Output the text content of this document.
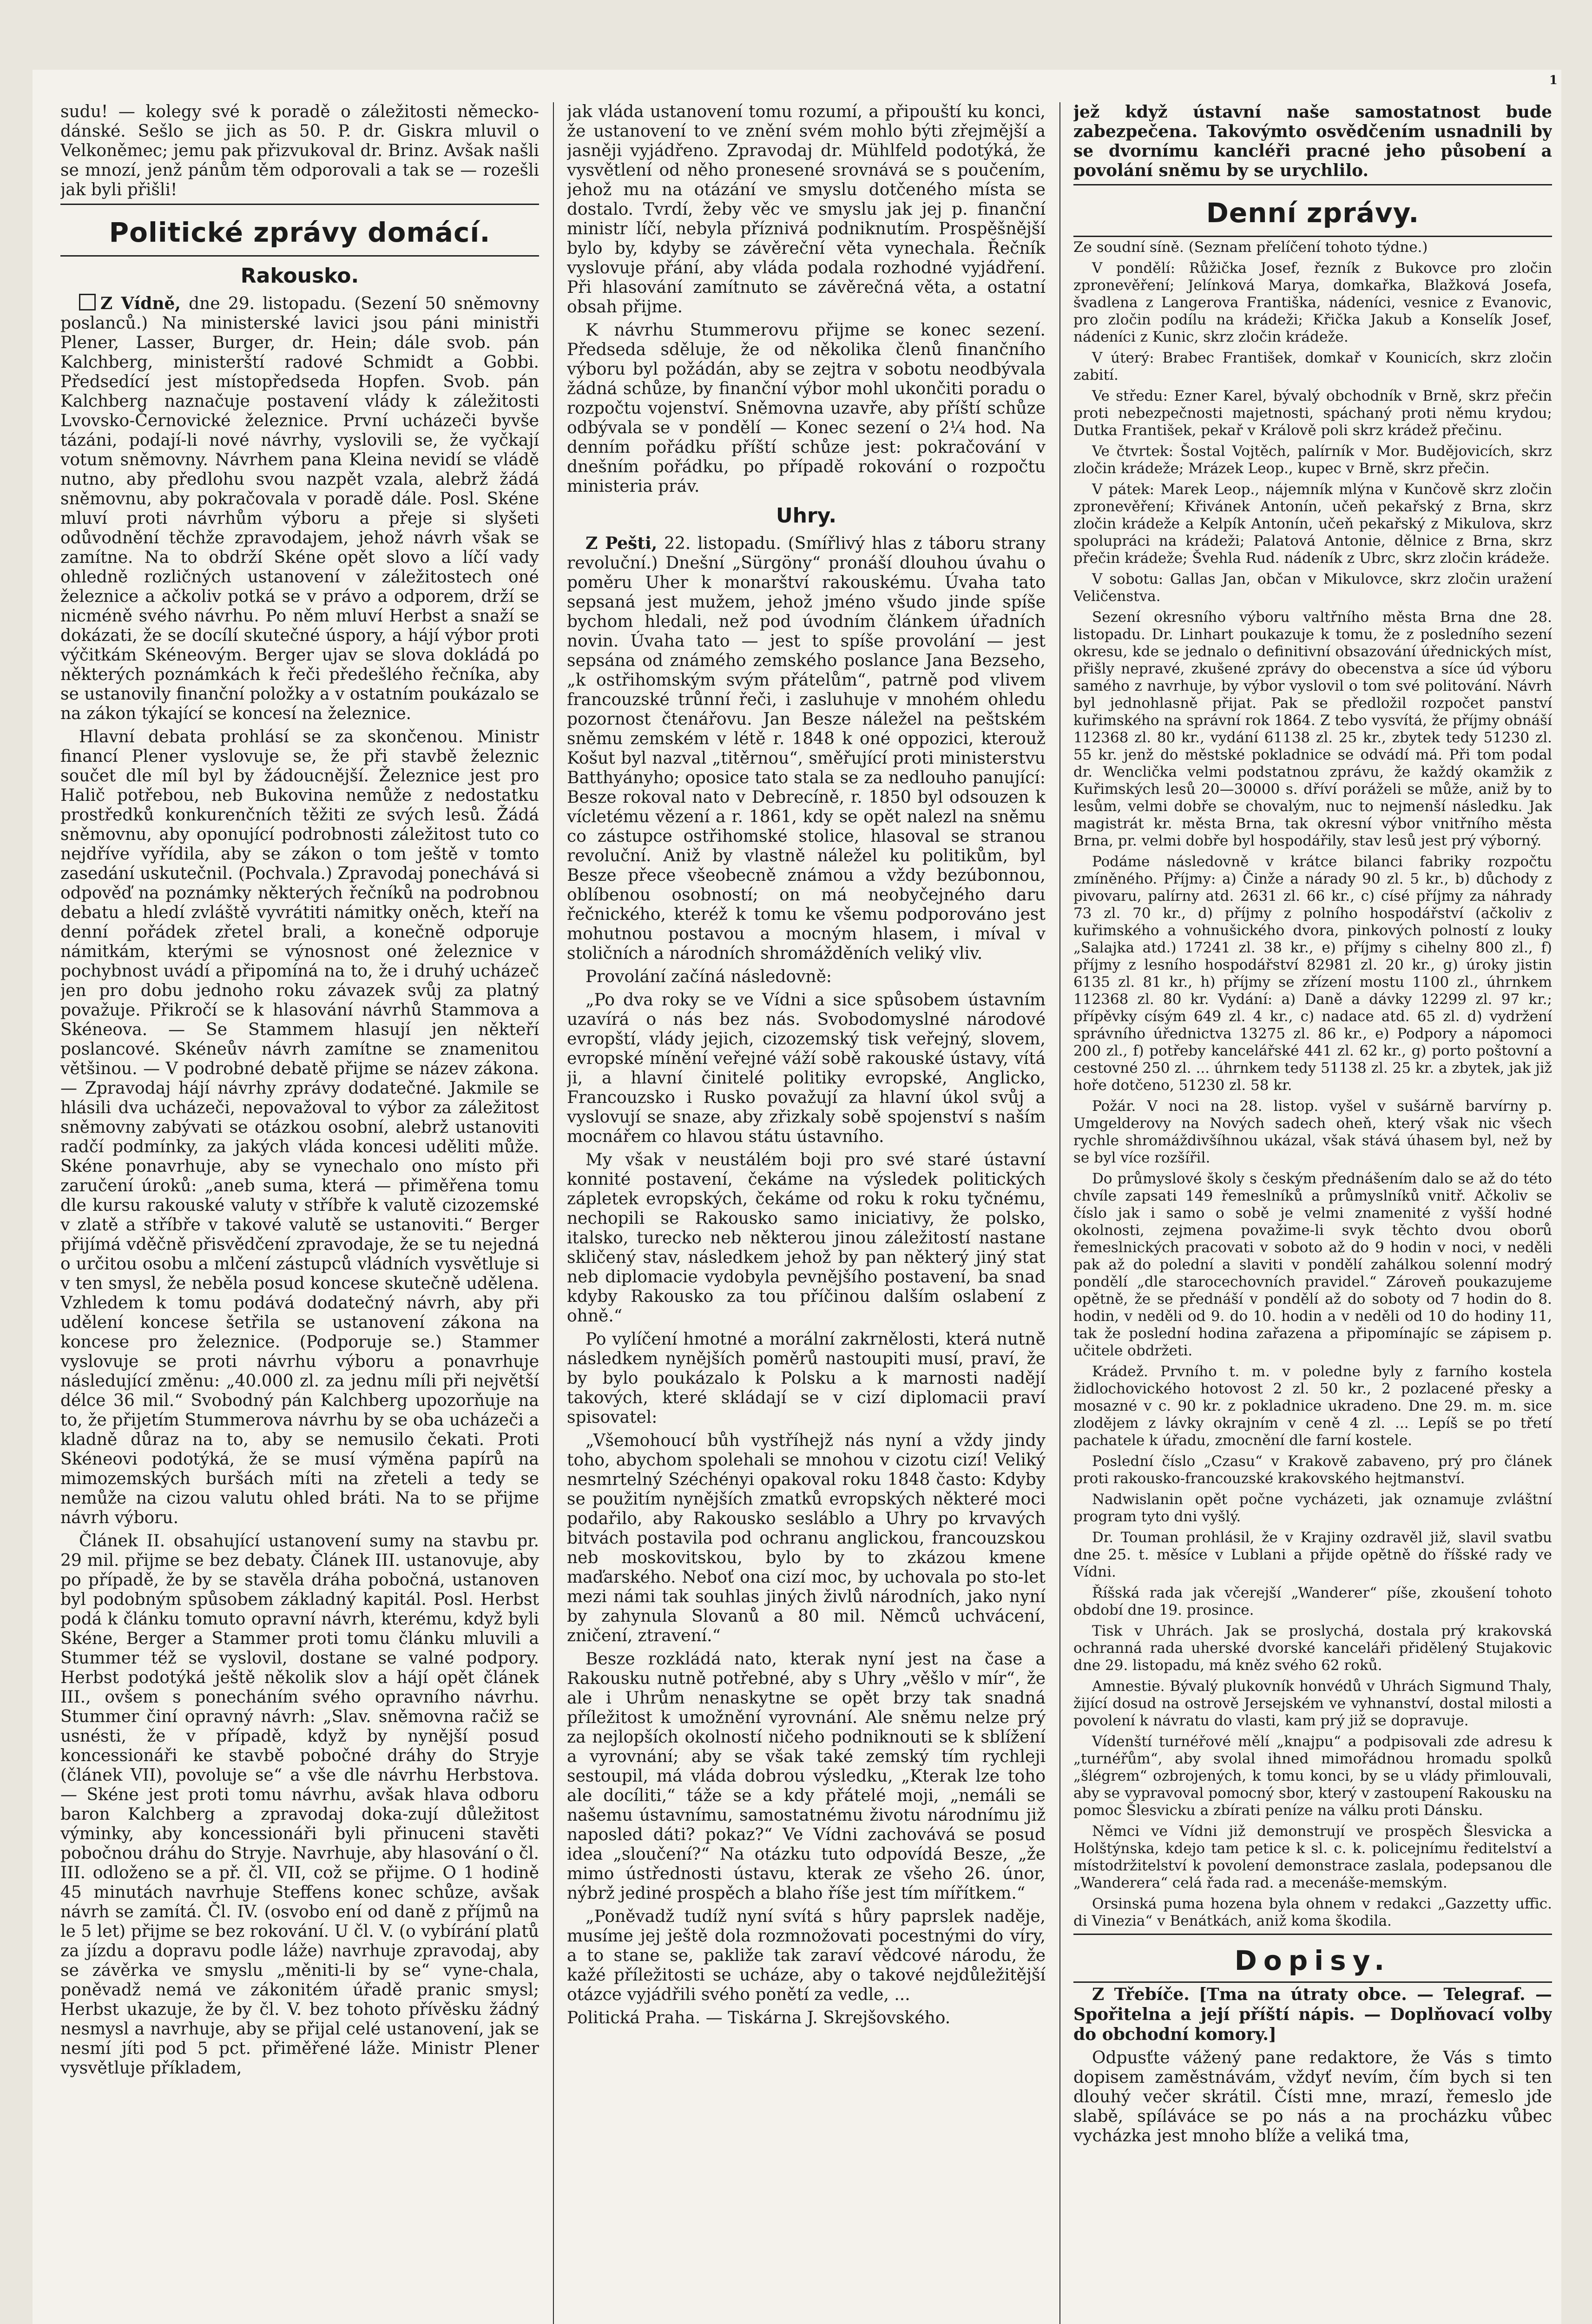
1

sudu! — kolegy své k poradě o záležitosti německo-dánské. Sešlo se jich as 50. P. dr. Giskra mluvil o Velkoněmec; jemu pak přizvukoval dr. Brinz. Avšak našli se mnozí, jenž pánům těm odporovali a tak se — rozešli jak byli přišli!

Politické zprávy domácí.
Rakousko.

Z Vídně, dne 29. listopadu. (Sezení 50 sněmovny poslanců.) Na ministerské lavici jsou páni ministři Plener, Lasser, Burger, dr. Hein; dále svob. pán Kalchberg, ministerští radové Schmidt a Gobbi. Předsedící jest místopředseda Hopfen. Svob. pán Kalchberg naznačuje postavení vlády k záležitosti Lvovsko-Černovické železnice. První ucházeči byvše tázáni, podají-li nové návrhy, vyslovili se, že vyčkají votum sněmovny. Návrhem pana Kleina nevidí se vládě nutno, aby předlohu svou nazpět vzala, alebrž žádá sněmovnu, aby pokračovala v poradě dále. Posl. Skéne mluví proti návrhům výboru a přeje si slyšeti odůvodnění těchže zpravodajem, jehož návrh však se zamítne. Na to obdrží Skéne opět slovo a líčí vady ohledně rozličných ustanovení v záležitostech oné železnice a ačkoliv potká se v právo a odporem, drží se nicméně svého návrhu. Po něm mluví Herbst a snaží se dokázati, že se docílí skutečné úspory, a hájí výbor proti výčitkám Skéneovým. Berger ujav se slova dokládá po některých poznámkách k řeči předešlého řečníka, aby se ustanovily finanční položky a v ostatním poukázalo se na zákon týkající se koncesí na železnice.

Hlavní debata prohlásí se za skončenou. Ministr financí Plener vyslovuje se, že při stavbě železnic součet dle míl byl by žádoucnější. Železnice jest pro Halič potřebou, neb Bukovina nemůže z nedostatku prostředků konkurenčních těžiti ze svých lesů. Žádá sněmovnu, aby oponující podrobnosti záležitost tuto co nejdříve vyřídila, aby se zákon o tom ještě v tomto zasedání uskutečnil. (Pochvala.) Zpravodaj ponechává si odpověď na poznámky některých řečníků na podrobnou debatu a hledí zvláště vyvrátiti námitky oněch, kteří na denní pořádek zřetel brali, a konečně odporuje námitkám, kterými se výnosnost oné železnice v pochybnost uvádí a připomíná na to, že i druhý ucházeč jen pro dobu jednoho roku závazek svůj za platný považuje. Přikročí se k hlasování návrhů Stammova a Skéneova. — Se Stammem hlasují jen někteří poslancové. Skéneův návrh zamítne se znamenitou většinou. — V podrobné debatě přijme se název zákona. — Zpravodaj hájí návrhy zprávy dodatečné. Jakmile se hlásili dva ucházeči, nepovažoval to výbor za záležitost sněmovny zabývati se otázkou osobní, alebrž ustanoviti radčí podmínky, za jakých vláda koncesi uděliti může. Skéne ponavrhuje, aby se vynechalo ono místo při zaručení úroků: „aneb suma, která — přiměřena tomu dle kursu rakouské valuty v stříbře k valutě cizozemské v zlatě a stříbře v takové valutě se ustanoviti.“ Berger přijímá vděčně přisvědčení zpravodaje, že se tu nejedná o určitou osobu a mlčení zástupců vládních vysvětluje si v ten smysl, že neběla posud koncese skutečně udělena. Vzhledem k tomu podává dodatečný návrh, aby při udělení koncese šetřila se ustanovení zákona na koncese pro železnice. (Podporuje se.) Stammer vyslovuje se proti návrhu výboru a ponavrhuje následující změnu: „40.000 zl. za jednu míli při největší délce 36 mil.“ Svobodný pán Kalchberg upozorňuje na to, že přijetím Stummerova návrhu by se oba ucházeči a kladně důraz na to, aby se nemusilo čekati. Proti Skéneovi podotýká, že se musí výměna papírů na mimozemských buršách míti na zřeteli a tedy se nemůže na cizou valutu ohled bráti. Na to se přijme návrh výboru.

Článek II. obsahující ustanovení sumy na stavbu pr. 29 mil. přijme se bez debaty. Článek III. ustanovuje, aby po případě, že by se stavěla dráha pobočná, ustanoven byl podobným spůsobem základný kapitál. Posl. Herbst podá k článku tomuto opravní návrh, kterému, když byli Skéne, Berger a Stammer proti tomu článku mluvili a Stummer též se vyslovil, dostane se valné podpory. Herbst podotýká ještě několik slov a hájí opět článek III., ovšem s ponecháním svého opravního návrhu. Stummer činí opravný návrh: „Slav. sněmovna račiž se usnésti, že v případě, když by nynější posud koncessionáři ke stavbě pobočné dráhy do Stryje (článek VII), povoluje se“ a vše dle návrhu Herbstova. — Skéne jest proti tomu návrhu, avšak hlava odboru baron Kalchberg a zpravodaj doka-zují důležitost výminky, aby koncessionáři byli přinuceni stavěti pobočnou dráhu do Stryje. Navrhuje, aby hlasování o čl. III. odloženo se a př. čl. VII, což se přijme. O 1 hodině 45 minutách navrhuje Steffens konec schůze, avšak návrh se zamítá. Čl. IV. (osvobo ení od daně z příjmů na le 5 let) přijme se bez rokování. U čl. V. (o vybírání platů za jízdu a dopravu podle láže) navrhuje zpravodaj, aby se závěrka ve smyslu „měniti-li by se“ vyne-chala, poněvadž nemá ve zákonitém úřadě pranic smysl; Herbst ukazuje, že by čl. V. bez tohoto přívěsku žádný nesmysl a navrhuje, aby se přijal celé ustanovení, jak se nesmí jíti pod 5 pct. přiměřené láže. Ministr Plener vysvětluje příkladem,

jak vláda ustanovení tomu rozumí, a připouští ku konci, že ustanovení to ve znění svém mohlo býti zřejmější a jasněji vyjádřeno. Zpravodaj dr. Mühlfeld podotýká, že vysvětlení od něho pronesené srovnává se s poučením, jehož mu na otázání ve smyslu dotčeného místa se dostalo. Tvrdí, žeby věc ve smyslu jak jej p. finanční ministr líčí, nebyla příznivá podniknutím. Prospěšnější bylo by, kdyby se závěreční věta vynechala. Řečník vyslovuje přání, aby vláda podala rozhodné vyjádření. Při hlasování zamítnuto se závěrečná věta, a ostatní obsah přijme.

K návrhu Stummerovu přijme se konec sezení. Předseda sděluje, že od několika členů finančního výboru byl požádán, aby se zejtra v sobotu neodbývala žádná schůze, by finanční výbor mohl ukončiti poradu o rozpočtu vojenství. Sněmovna uzavře, aby příští schůze odbývala se v pondělí — Konec sezení o 2¼ hod. Na denním pořádku příští schůze jest: pokračování v dnešním pořádku, po případě rokování o rozpočtu ministeria práv.

Uhry.

Z Pešti, 22. listopadu. (Smířlivý hlas z táboru strany revoluční.) Dnešní „Sürgöny“ pronáší dlouhou úvahu o poměru Uher k monarštví rakouskému. Úvaha tato sepsaná jest mužem, jehož jméno všudo jinde spíše bychom hledali, než pod úvodním článkem úřadních novin. Úvaha tato — jest to spíše provolání — jest sepsána od známého zemského poslance Jana Bezseho, „k ostřihomským svým přátelům“, patrně pod vlivem francouzské trůnní řeči, i zasluhuje v mnohém ohledu pozornost čtenářovu. Jan Besze náležel na peštském sněmu zemském v létě r. 1848 k oné oppozici, kterouž Košut byl nazval „titěrnou“, směřující proti ministerstvu Batthyányho; oposice tato stala se za nedlouho panující: Besze rokoval nato v Debrecíně, r. 1850 byl odsouzen k vícletému vězení a r. 1861, kdy se opět nalezl na sněmu co zástupce ostřihomské stolice, hlasoval se stranou revoluční. Aniž by vlastně náležel ku politikům, byl Besze přece všeobecně známou a vždy bezúbonnou, oblíbenou osobností; on má neobyčejného daru řečnického, kteréž k tomu ke všemu podporováno jest mohutnou postavou a mocným hlasem, i míval v stoličních a národních shromážděních veliký vliv.

Provolání začíná následovně:

„Po dva roky se ve Vídni a sice spůsobem ústavním uzavírá o nás bez nás. Svobodomyslné národové evropští, vlády jejich, cizozemský tisk veřejný, slovem, evropské mínění veřejné váží sobě rakouské ústavy, vítá ji, a hlavní činitelé politiky evropské, Anglicko, Francouzsko i Rusko považují za hlavní úkol svůj a vyslovují se snaze, aby zřizkaly sobě spojenství s naším mocnářem co hlavou státu ústavního.

My však v neustálém boji pro své staré ústavní konnité postavení, čekáme na výsledek politických zápletek evropských, čekáme od roku k roku tyčnému, nechopili se Rakousko samo iniciativy, že polsko, italsko, turecko neb některou jinou záležitostí nastane skličený stav, následkem jehož by pan některý jiný stat neb diplomacie vydobyla pevnějšího postavení, ba snad kdyby Rakousko za tou příčinou dalším oslabení z ohně.“

Po vylíčení hmotné a morální zakrnělosti, která nutně následkem nynějších poměrů nastoupiti musí, praví, že by bylo poukázalo k Polsku a k marnosti nadějí takových, které skládají se v cizí diplomacii praví spisovatel:

„Všemohoucí bůh vystříhejž nás nyní a vždy jindy toho, abychom spolehali se mnohou v cizotu cizí! Veliký nesmrtelný Széchényi opakoval roku 1848 často: Kdyby se použitím nynějších zmatků evropských některé moci podařilo, aby Rakousko sesláblo a Uhry po krvavých bitvách postavila pod ochranu anglickou, francouzskou neb moskovitskou, bylo by to zkázou kmene maďarského. Neboť ona cizí moc, by uchovala po sto-let mezi námi tak souhlas jiných živlů národních, jako nyní by zahynula Slovanů a 80 mil. Němců uchvácení, zničení, ztravení.“

Besze rozkládá nato, kterak nyní jest na čase a Rakousku nutně potřebné, aby s Uhry „věšlo v mír“, že ale i Uhrům nenaskytne se opět brzy tak snadná příležitost k umožnění vyrovnání. Ale sněmu nelze prý za nejlopších okolností ničeho podniknouti se k sblížení a vyrovnání; aby se však také zemský tím rychleji sestoupil, má vláda dobrou výsledku, „Kterak lze toho ale docíliti,“ táže se a kdy přátelé moji, „nemáli se našemu ústavnímu, samostatnému životu národnímu již naposled dáti? pokaz?“ Ve Vídni zachovává se posud idea „sloučení?“ Na otázku tuto odpovídá Besze, „že mimo ústřednosti ústavu, kterak ze všeho 26. únor, nýbrž jediné prospěch a blaho říše jest tím mířítkem.“

„Poněvadž tudíž nyní svítá s hůry paprslek naděje, musíme jej ještě dola rozmnožovati pocestnými do víry, a to stane se, pakliže tak zaraví vědcové národu, že kažé příležitosti se ucháze, aby o takové nejdůležitější otázce vyjádřili svého ponětí za vedle, ...

Politická Praha. — Tiskárna J. Skrejšovského.

jež když ústavní naše samostatnost bude zabezpečena. Takovýmto osvědčením usnadnili by se dvornímu kancléři pracné jeho působení a povolání sněmu by se urychlilo.

Denní zprávy.

Ze soudní síně. (Seznam přelíčení tohoto týdne.)

V pondělí: Růžička Josef, řezník z Bukovce pro zločin zpronevěření; Jelínková Marya, domkařka, Blažková Josefa, švadlena z Langerova Františka, nádeníci, vesnice z Evanovic, pro zločin podílu na krádeži; Křička Jakub a Konselík Josef, nádeníci z Kunic, skrz zločin krádeže.

V úterý: Brabec František, domkař v Kounicích, skrz zločin zabití.

Ve středu: Ezner Karel, bývalý obchodník v Brně, skrz přečin proti nebezpečnosti majetnosti, spáchaný proti němu krydou; Dutka František, pekař v Králově poli skrz krádež přečinu.

Ve čtvrtek: Šostal Vojtěch, palírník v Mor. Budějovicích, skrz zločin krádeže; Mrázek Leop., kupec v Brně, skrz přečin.

V pátek: Marek Leop., nájemník mlýna v Kunčově skrz zločin zpronevěření; Křivánek Antonín, učeň pekařský z Brna, skrz zločin krádeže a Kelpík Antonín, učeň pekařský z Mikulova, skrz spolupráci na krádeži; Palatová Antonie, dělnice z Brna, skrz přečin krádeže; Švehla Rud. nádeník z Ubrc, skrz zločin krádeže.

V sobotu: Gallas Jan, občan v Mikulovce, skrz zločin uražení Veličenstva.

Sezení okresního výboru valtřního města Brna dne 28. listopadu. Dr. Linhart poukazuje k tomu, že z posledního sezení okresu, kde se jednalo o definitivní obsazování úřednických míst, přišly nepravé, zkušené zprávy do obecenstva a síce úd výboru samého z navrhuje, by výbor vyslovil o tom své politování. Návrh byl jednohlasně přijat. Pak se předložil rozpočet panství kuřimského na správní rok 1864. Z tebo vysvítá, že příjmy obnáší 112368 zl. 80 kr., vydání 61138 zl. 25 kr., zbytek tedy 51230 zl. 55 kr. jenž do městské pokladnice se odvádí má. Při tom podal dr. Wenclička velmi podstatnou zprávu, že každý okamžik z Kuřimských lesů 20—30000 s. dříví poráželi se může, aniž by to lesům, velmi dobře se chovalým, nuc to nejmenší následku. Jak magistrát kr. města Brna, tak okresní výbor vnitřního města Brna, pr. velmi dobře byl hospodářily, stav lesů jest prý výborný.

Podáme následovně v krátce bilanci fabriky rozpočtu zmíněného. Příjmy: a) Činže a nárady 90 zl. 5 kr., b) důchody z pivovaru, palírny atd. 2631 zl. 66 kr., c) císé příjmy za náhrady 73 zl. 70 kr., d) příjmy z polního hospodářství (ačkoliv z kuřimského a vohnušického dvora, pinkových polností z louky „Salajka atd.) 17241 zl. 38 kr., e) příjmy s cihelny 800 zl., f) příjmy z lesního hospodářství 82981 zl. 20 kr., g) úroky jistin 6135 zl. 81 kr., h) příjmy se zřízení mostu 1100 zl., úhrnkem 112368 zl. 80 kr. Vydání: a) Daně a dávky 12299 zl. 97 kr.; přípěvky císým 649 zl. 4 kr., c) nadace atd. 65 zl. d) vydržení správního úřednictva 13275 zl. 86 kr., e) Podpory a nápomoci 200 zl., f) potřeby kancelářské 441 zl. 62 kr., g) porto poštovní a cestovné 250 zl. ... úhrnkem tedy 51138 zl. 25 kr. a zbytek, jak již hoře dotčeno, 51230 zl. 58 kr.

Požár. V noci na 28. listop. vyšel v sušárně barvírny p. Umgelderovy na Nových sadech oheň, který však nic všech rychle shromáždivšíhnou ukázal, však stává úhasem byl, než by se byl více rozšířil.

Do průmyslové školy s českým přednášením dalo se až do této chvíle zapsati 149 řemeslníků a průmyslníků vnitř. Ačkoliv se číslo jak i samo o sobě je velmi znamenité z vyšší hodné okolnosti, zejmena považime-li svyk těchto dvou oborů řemeslnických pracovati v soboto až do 9 hodin v noci, v neděli pak až do polední a slaviti v pondělí zahálkou solenní modrý pondělí „dle starocechovních pravidel.“ Zároveň poukazujeme opětně, že se přednáší v pondělí až do soboty od 7 hodin do 8. hodin, v neděli od 9. do 10. hodin a v neděli od 10 do hodiny 11, tak že poslední hodina zařazena a připomínajíc se zápisem p. učitele obdržeti.

Krádež. Prvního t. m. v poledne byly z farního kostela židlochovického hotovost 2 zl. 50 kr., 2 pozlacené přesky a mosazné v c. 90 kr. z pokladnice ukradeno. Dne 29. m. m. sice zlodějem z lávky okrajním v ceně 4 zl. ... Lepíš se po třetí pachatele k úřadu, zmocnění dle farní kostele.

Poslední číslo „Czasu“ v Krakově zabaveno, prý pro článek proti rakousko-francouzské krakovského hejtmanství.

Nadwislanin opět počne vycházeti, jak oznamuje zvláštní program tyto dni vyšlý.

Dr. Touman prohlásil, že v Krajiny ozdravěl již, slavil svatbu dne 25. t. měsíce v Lublani a přijde opětně do říšské rady ve Vídni.

Říšská rada jak včerejší „Wanderer“ píše, zkoušení tohoto období dne 19. prosince.

Tisk v Uhrách. Jak se proslychá, dostala prý krakovská ochranná rada uherské dvorské kanceláři přidělený Stujakovic dne 29. listopadu, má kněz svého 62 roků.

Amnestie. Bývalý plukovník honvédů v Uhrách Sigmund Thaly, žijící dosud na ostrově Jersejském ve vyhnanství, dostal milosti a povolení k návratu do vlasti, kam prý již se dopravuje.

Vídenští turnéřové mělí „knajpu“ a podpisovali zde adresu k „turnéřům“, aby svolal ihned mimořádnou hromadu spolků „šlégrem“ ozbrojených, k tomu konci, by se u vlády přimlouvali, aby se vypravoval pomocný sbor, který v zastoupení Rakousku na pomoc Šlesvicku a zbírati peníze na válku proti Dánsku.

Němci ve Vídni již demonstrují ve prospěch Šlesvicka a Holštýnska, kdejo tam petice k sl. c. k. policejnímu ředitelství a místodržitelství k povolení demonstrace zaslala, podepsanou dle „Wanderera“ celá řada rad. a mecenáše-memským.

Orsinská puma hozena byla ohnem v redakci „Gazzetty uffic. di Vinezia“ v Benátkách, aniž koma škodila.

Dopisy.

Z Třebíče. [Tma na útraty obce. — Telegraf. — Spořitelna a její příští nápis. — Doplňovací volby do obchodní komory.]

Odpusťte vážený pane redaktore, že Vás s timto dopisem zaměstnávám, vždyť nevím, čím bych si ten dlouhý večer skrátil. Čísti mne, mrazí, řemeslo jde slabě, spíláváce se po nás a na procházku vůbec vycházka jest mnoho blíže a veliká tma,
